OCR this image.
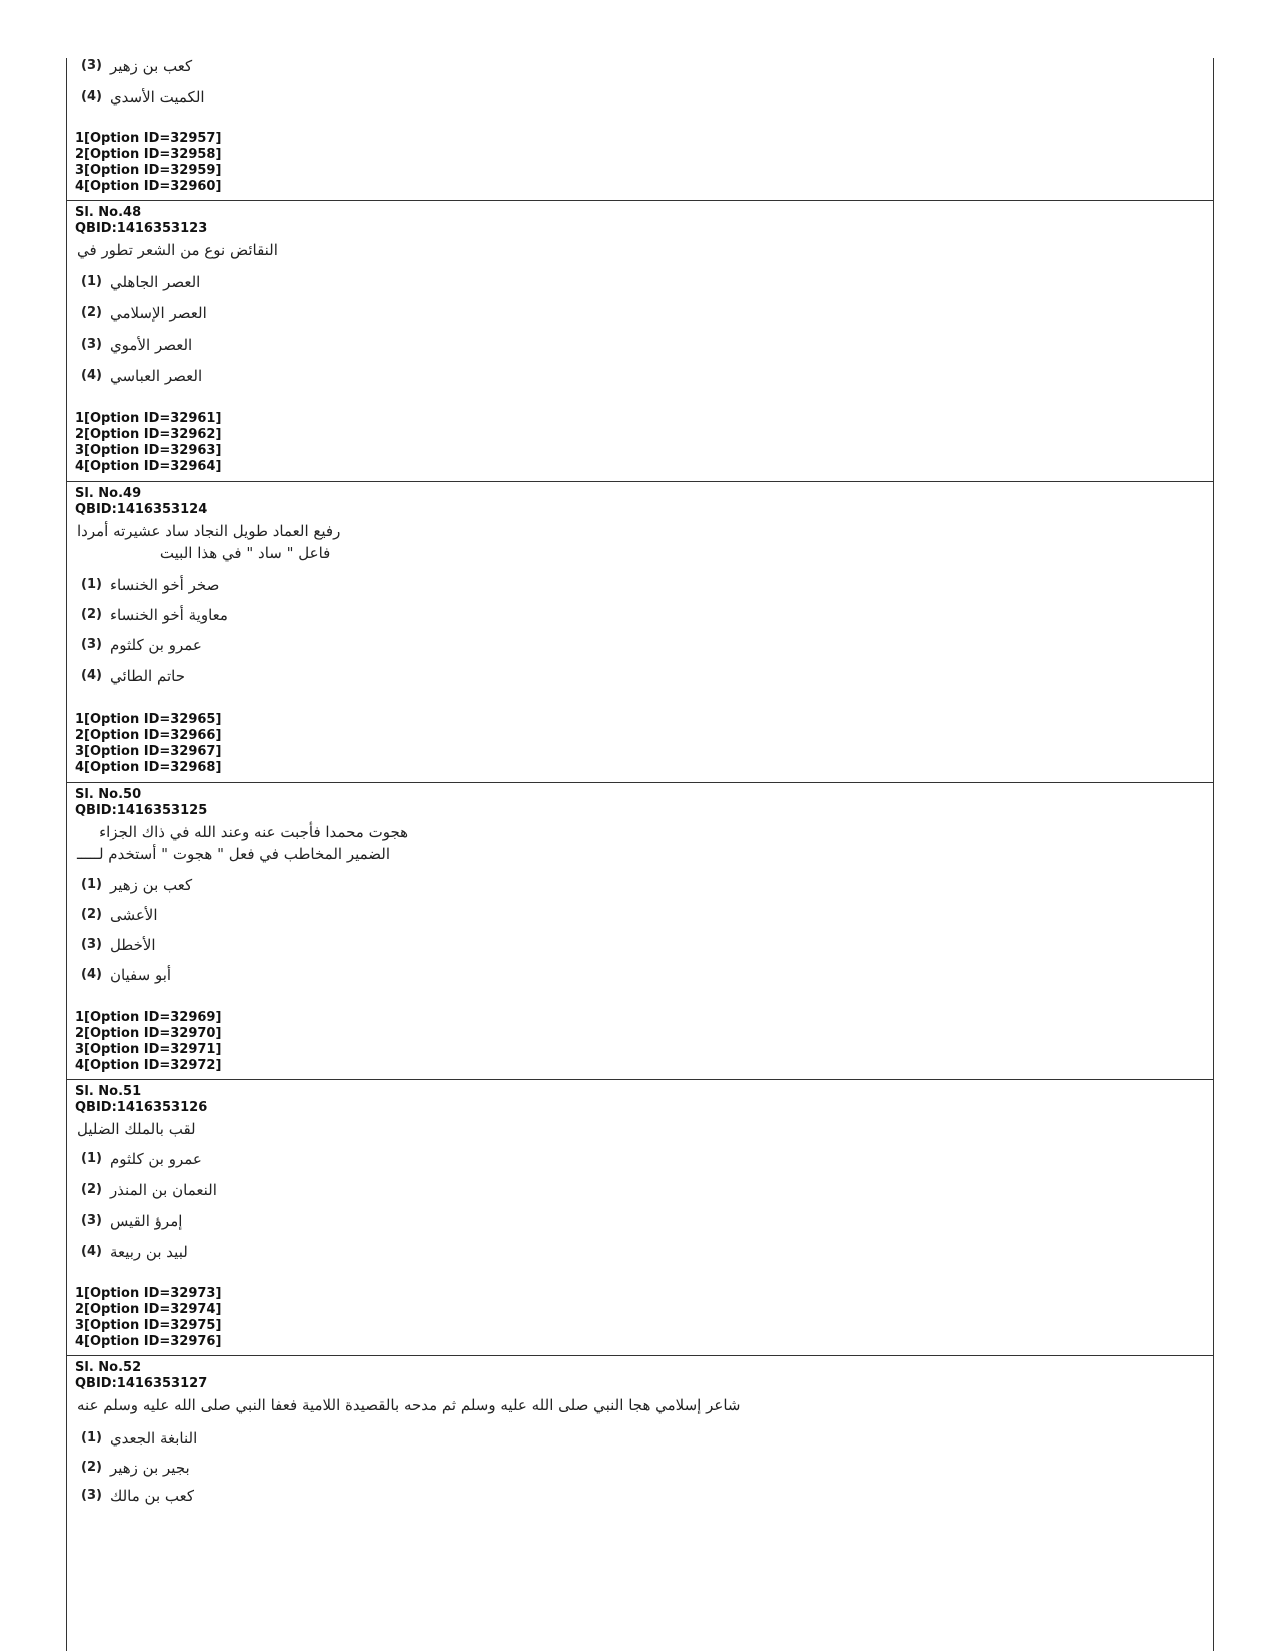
(3) كعب بن زهير
(4) الكميت الأسدي
1[Option ID=32957]
2[Option ID=32958]
3[Option ID=32959]
4[Option ID=32960]
Sl. No.48
QBID:1416353123
النقائض نوع من الشعر تطور في
(1) العصر الجاهلي
(2) العصر الإسلامي
(3) العصر الأموي
(4) العصر العباسي
1[Option ID=32961]
2[Option ID=32962]
3[Option ID=32963]
4[Option ID=32964]
Sl. No.49
QBID:1416353124
رفيع العماد طويل النجاد ساد عشيرته أمردا
فاعل " ساد " في هذا البيت
(1) صخر أخو الخنساء
(2) معاوية أخو الخنساء
(3) عمرو بن كلثوم
(4) حاتم الطائي
1[Option ID=32965]
2[Option ID=32966]
3[Option ID=32967]
4[Option ID=32968]
Sl. No.50
QBID:1416353125
هجوت محمدا فأجبت عنه وعند الله في ذاك الجزاء
الضمير المخاطب في فعل " هجوت " أستخدم لـــــ
(1) كعب بن زهير
(2) الأعشى
(3) الأخطل
(4) أبو سفيان
1[Option ID=32969]
2[Option ID=32970]
3[Option ID=32971]
4[Option ID=32972]
Sl. No.51
QBID:1416353126
لقب بالملك الضليل
(1) عمرو بن كلثوم
(2) النعمان بن المنذر
(3) إمرؤ القيس
(4) لبيد بن ربيعة
1[Option ID=32973]
2[Option ID=32974]
3[Option ID=32975]
4[Option ID=32976]
Sl. No.52
QBID:1416353127
شاعر إسلامي هجا النبي صلى الله عليه وسلم ثم مدحه بالقصيدة اللامية فعفا النبي صلى الله عليه وسلم عنه
(1) النابغة الجعدي
(2) بجير بن زهير
(3) كعب بن مالك
